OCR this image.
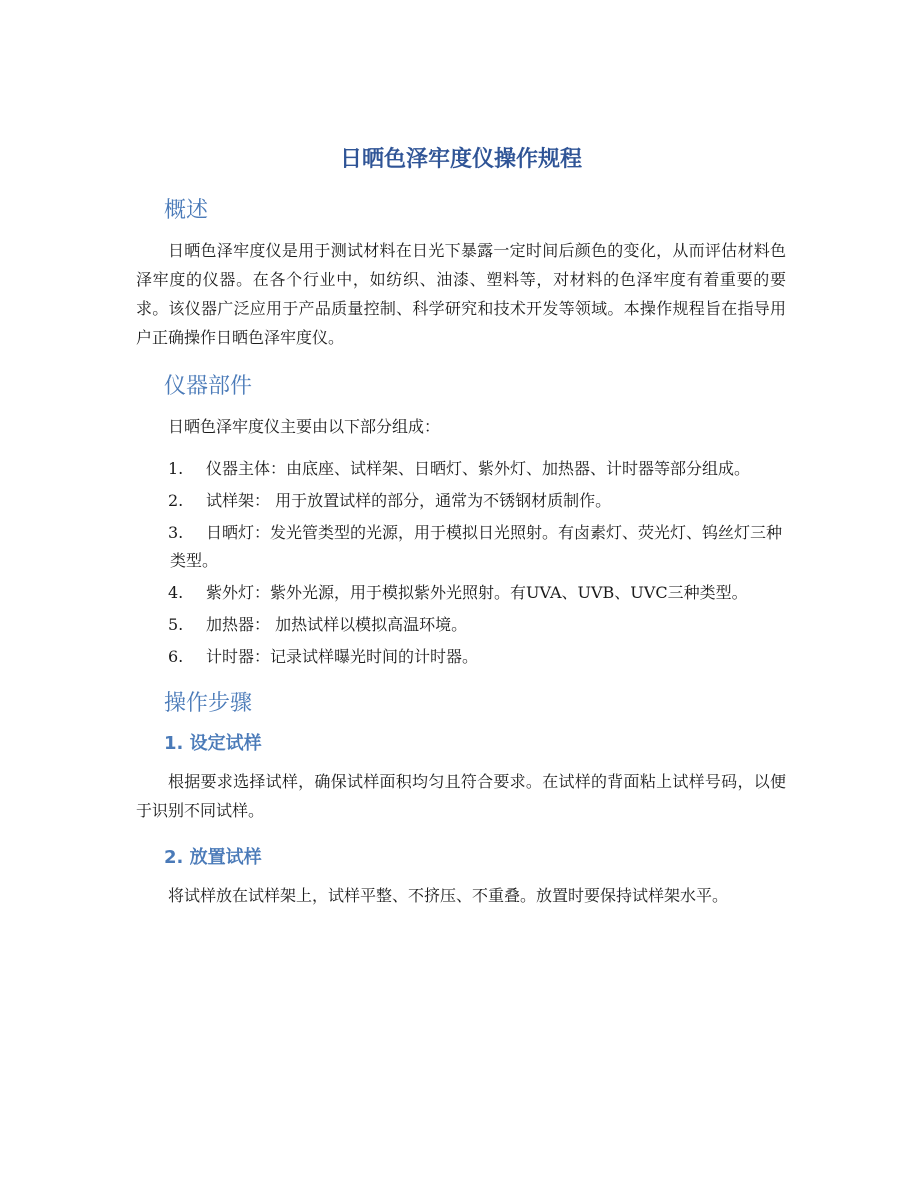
日晒色泽牢度仪操作规程
概述

日晒色泽牢度仪是用于测试材料在日光下暴露一定时间后颜色的变化，从而评估材料色泽牢度的仪器。在各个行业中，如纺织、油漆、塑料等，对材料的色泽牢度有着重要的要求。该仪器广泛应用于产品质量控制、科学研究和技术开发等领域。本操作规程旨在指导用户正确操作日晒色泽牢度仪。

仪器部件

日晒色泽牢度仪主要由以下部分组成：

1. 仪器主体：由底座、试样架、日晒灯、紫外灯、加热器、计时器等部分组成。
2. 试样架： 用于放置试样的部分，通常为不锈钢材质制作。
3. 日晒灯：发光管类型的光源，用于模拟日光照射。有卤素灯、荧光灯、钨丝灯三种类型。
4. 紫外灯：紫外光源，用于模拟紫外光照射。有UVA、UVB、UVC三种类型。
5. 加热器： 加热试样以模拟高温环境。
6. 计时器：记录试样曝光时间的计时器。
操作步骤
1. 设定试样

根据要求选择试样，确保试样面积均匀且符合要求。在试样的背面粘上试样号码，以便于识别不同试样。

2. 放置试样

将试样放在试样架上，试样平整、不挤压、不重叠。放置时要保持试样架水平。
